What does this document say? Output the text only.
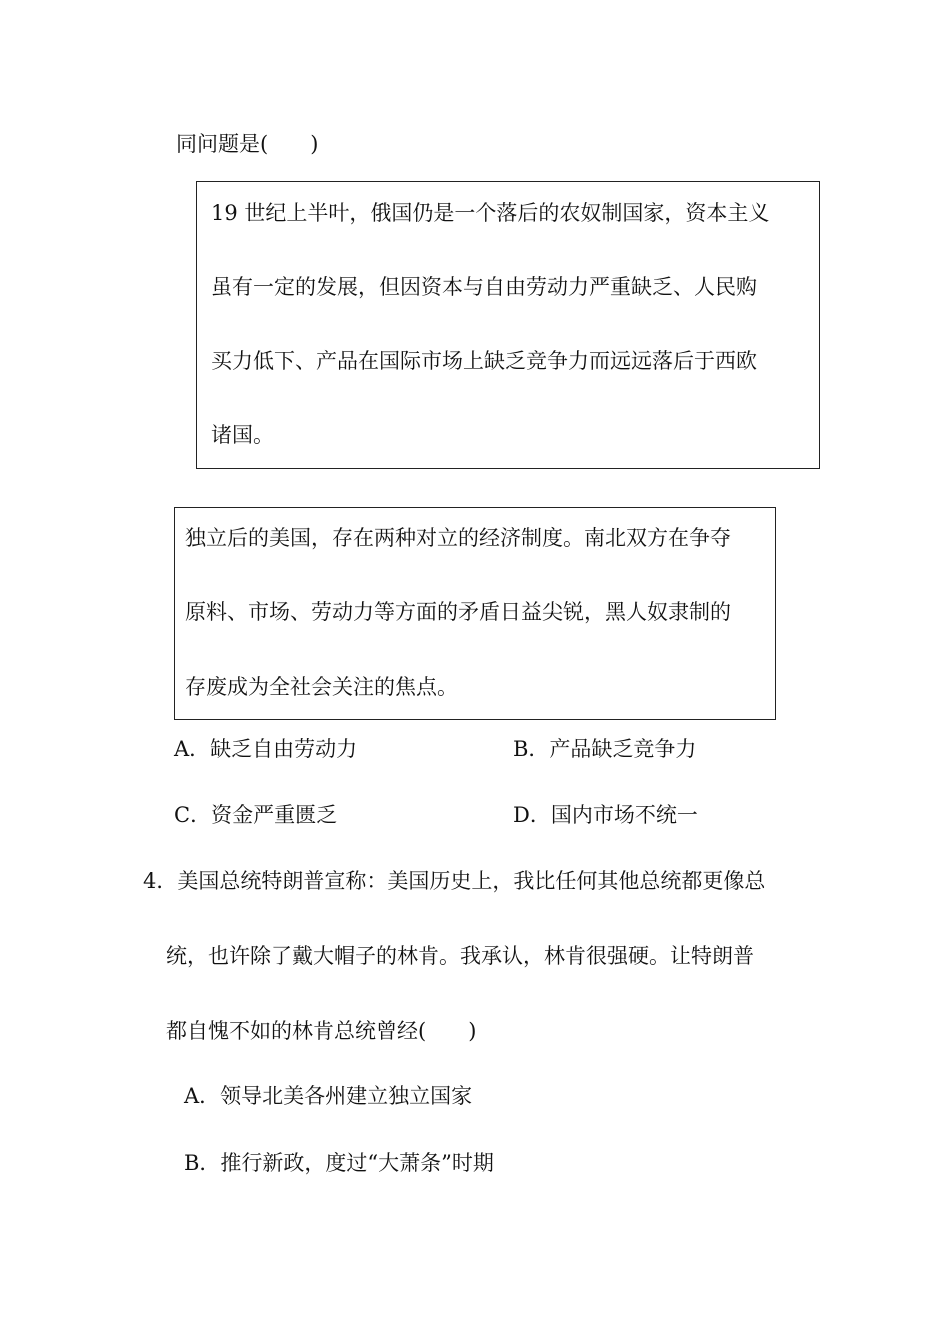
同问题是(　　)
19 世纪上半叶，俄国仍是一个落后的农奴制国家，资本主义
虽有一定的发展，但因资本与自由劳动力严重缺乏、人民购
买力低下、产品在国际市场上缺乏竞争力而远远落后于西欧
诸国。
独立后的美国，存在两种对立的经济制度。南北双方在争夺
原料、市场、劳动力等方面的矛盾日益尖锐，黑人奴隶制的
存废成为全社会关注的焦点。
A．缺乏自由劳动力	B．产品缺乏竞争力
C．资金严重匮乏	D．国内市场不统一
4．美国总统特朗普宣称：美国历史上，我比任何其他总统都更像总
统，也许除了戴大帽子的林肯。我承认，林肯很强硬。让特朗普
都自愧不如的林肯总统曾经(　　)
A．领导北美各州建立独立国家
B．推行新政，度过“大萧条”时期
